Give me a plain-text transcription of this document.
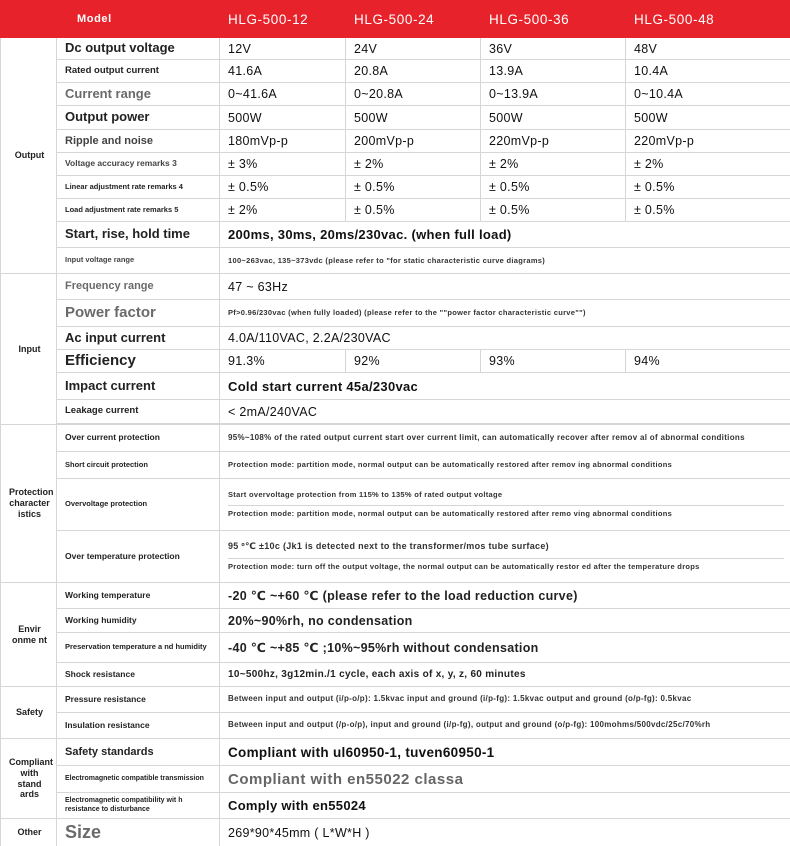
Model		HLG-500-12	HLG-500-24	HLG-500-36	HLG-500-48
Output	Dc output voltage	12V	24V	36V	48V
	Rated output current	41.6A	20.8A	13.9A	10.4A
	Current range	0~41.6A	0~20.8A	0~13.9A	0~10.4A
	Output power	500W	500W	500W	500W
	Ripple and noise	180mVp-p	200mVp-p	220mVp-p	220mVp-p
	Voltage accuracy remarks 3	± 3%	± 2%	± 2%	± 2%
	Linear adjustment rate remarks 4	± 0.5%	± 0.5%	± 0.5%	± 0.5%
	Load adjustment rate remarks 5	± 2%	± 0.5%	± 0.5%	± 0.5%
	Start, rise, hold time	200ms, 30ms, 20ms/230vac. (when full load)			
	Input voltage range	100~263vac, 135~373vdc (please refer to "for static characteristic curve diagrams)			
Input	Frequency range	47 ~ 63Hz			
	Power factor	Pf>0.96/230vac (when fully loaded) (please refer to the ""power factor characteristic curve"")			
	Ac input current	4.0A/110VAC, 2.2A/230VAC			
	Efficiency	91.3%	92%	93%	94%
	Impact current	Cold start current 45a/230vac			
	Leakage current	< 2mA/240VAC			

Protection character istics	Over current protection	95%~108% of the rated output current start over current limit, can automatically recover after remov al of abnormal conditions			
	Short circuit protection	Protection mode: partition mode, normal output can be automatically restored after remov ing abnormal conditions			
	Overvoltage protection	Start overvoltage protection from 115% to 135% of rated output voltage
Protection mode: partition mode, normal output can be automatically restored after remo ving abnormal conditions			

	Over temperature protection	95 º℃ ±10c (Jk1 is detected next to the transformer/mos tube surface)
Protection mode: turn off the output voltage, the normal output can be automatically restor ed after the temperature drops			

Envir onme nt	Working temperature	-20 ℃ ~+60 ℃ (please refer to the load reduction curve)			
	Working humidity	20%~90%rh, no condensation			
	Preservation temperature a nd humidity	-40 ℃ ~+85 ℃ ;10%~95%rh without condensation			
	Shock resistance	10~500hz, 3g12min./1 cycle, each axis of x, y, z, 60 minutes			
Safety	Pressure resistance	Between input and output (i/p-o/p): 1.5kvac input and ground (i/p-fg): 1.5kvac output and ground (o/p-fg): 0.5kvac			
	Insulation resistance	Between input and output (/p-o/p), input and ground (i/p-fg), output and ground (o/p-fg): 100mohms/500vdc/25c/70%rh			
Compliant with stand ards	Safety standards	Compliant with ul60950-1, tuven60950-1			
	Electromagnetic compatible transmission	Compliant with en55022 classa			
	Electromagnetic compatibility wit h resistance to disturbance	Comply with en55024			
Other	Size	269*90*45mm ( L*W*H )			
